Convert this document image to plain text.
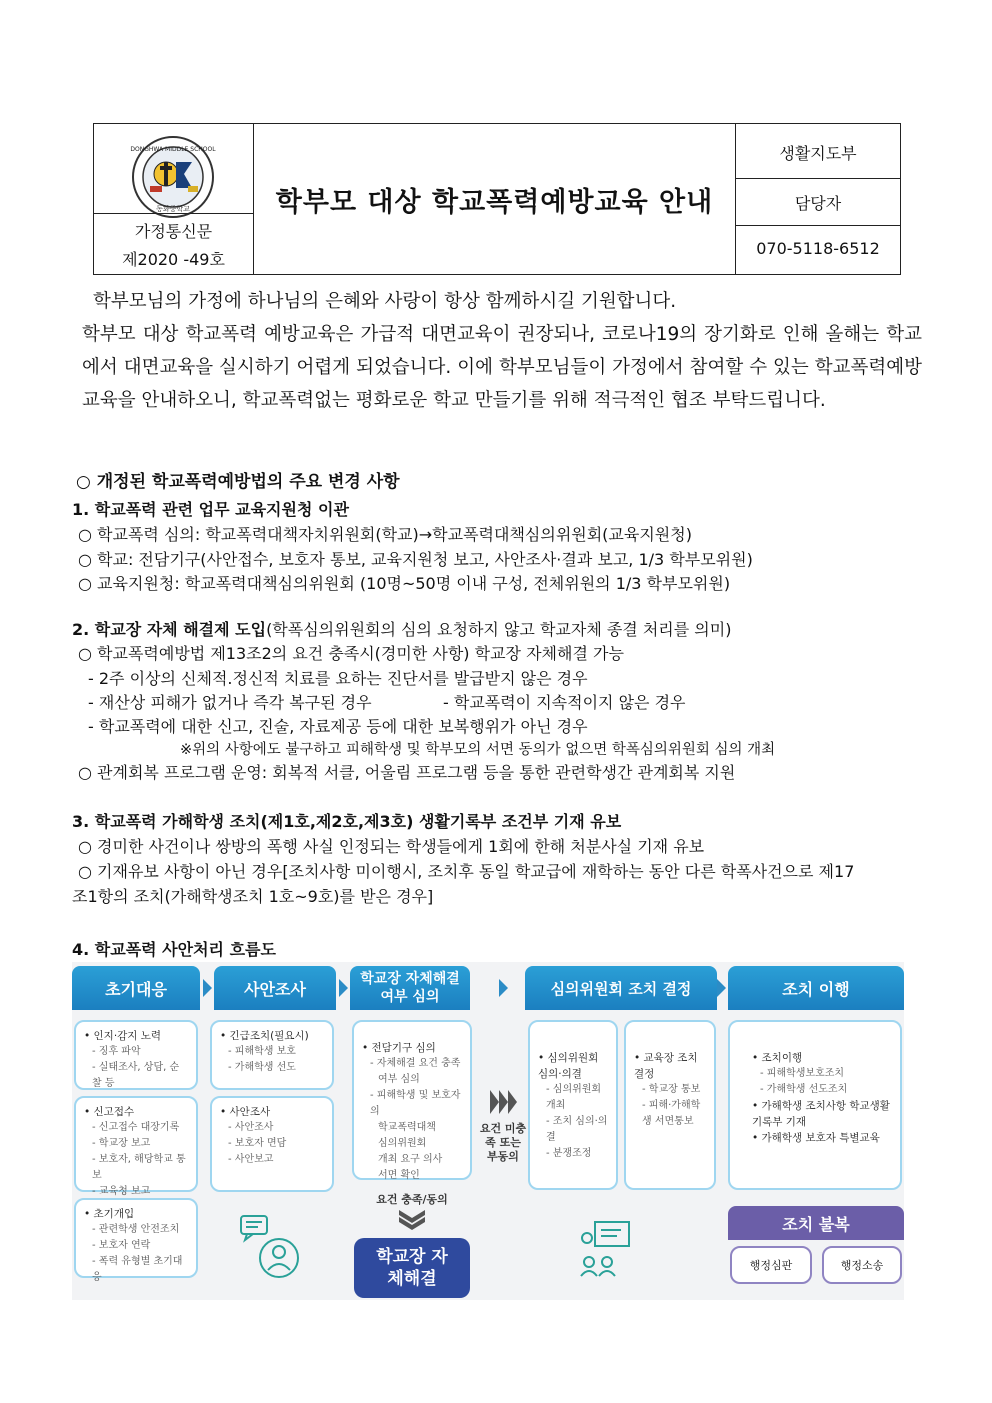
DONGHWA MIDDLE SCHOOL
동화중학교
가정통신문
제2020 -49호
학부모 대상 학교폭력예방교육 안내
생활지도부
담당자
070-5118-6512
학부모님의 가정에 하나님의 은혜와 사랑이 항상 함께하시길 기원합니다.
학부모 대상 학교폭력 예방교육은 가급적 대면교육이 권장되나, 코로나19의 장기화로 인해 올해는 학교에서 대면교육을 실시하기 어렵게 되었습니다. 이에 학부모님들이 가정에서 참여할 수 있는 학교폭력예방교육을 안내하오니, 학교폭력없는 평화로운 학교 만들기를 위해 적극적인 협조 부탁드립니다.
○ 개정된 학교폭력예방법의 주요 변경 사항
1. 학교폭력 관련 업무 교육지원청 이관
○ 학교폭력 심의: 학교폭력대책자치위원회(학교)→학교폭력대책심의위원회(교육지원청)
○ 학교: 전담기구(사안접수, 보호자 통보, 교육지원청 보고, 사안조사·결과 보고, 1/3 학부모위원)
○ 교육지원청: 학교폭력대책심의위원회 (10명~50명 이내 구성, 전체위원의 1/3 학부모위원)
2. 학교장 자체 해결제 도입(학폭심의위원회의 심의 요청하지 않고 학교자체 종결 처리를 의미)
○ 학교폭력예방법 제13조2의 요건 충족시(경미한 사항) 학교장 자체해결 가능
- 2주 이상의 신체적.정신적 치료를 요하는 진단서를 발급받지 않은 경우
- 재산상 피해가 없거나 즉각 복구된 경우	- 학교폭력이 지속적이지 않은 경우
- 학교폭력에 대한 신고, 진술, 자료제공 등에 대한 보복행위가 아닌 경우
※위의 사항에도 불구하고 피해학생 및 학부모의 서면 동의가 없으면 학폭심의위원회 심의 개최
○ 관계회복 프로그램 운영: 회복적 서클, 어울림 프로그램 등을 통한 관련학생간 관계회복 지원
3. 학교폭력 가해학생 조치(제1호,제2호,제3호) 생활기록부 조건부 기재 유보
○ 경미한 사건이나 쌍방의 폭행 사실 인정되는 학생들에게 1회에 한해 처분사실 기재 유보
○ 기재유보 사항이 아닌 경우[조치사항 미이행시, 조치후 동일 학교급에 재학하는 동안 다른 학폭사건으로 제17
조1항의 조치(가해학생조치 1호~9호)를 받은 경우]
4. 학교폭력 사안처리 흐름도
초기대응	사안조사
학교장 자체해결 여부 심의	심의위원회 조치 결정	조치 이행
• 인지·감지 노력
- 징후 파악
- 실태조사, 상담, 순찰 등
• 신고접수
- 신고접수 대장기록
- 학교장 보고
- 보호자, 해당학교 통보
- 교육청 보고
• 초기개입
- 관련학생 안전조치
- 보호자 연락
- 폭력 유형별 초기대응
• 긴급조치(필요시)
- 피해학생 보호
- 가해학생 선도
• 사안조사
- 사안조사
- 보호자 면담
- 사안보고
• 전담기구 심의
- 자체해결 요건 충족
여부 심의
- 피해학생 및 보호자의
학교폭력대책
심의위원회
개최 요구 의사
서면 확인
요건 충족/동의
학교장 자체해결
요건 미충족 또는 부동의
• 심의위원회 심의·의결
- 심의위원회 개최
- 조치 심의·의결
- 분쟁조정
• 교육장 조치결정
- 학교장 통보
- 피해·가해학생 서면통보
• 조치이행
- 피해학생보호조치
- 가해학생 선도조치
• 가해학생 조치사항 학교생활기록부 기재
• 가해학생 보호자 특별교육
조치 불복
행정심판	행정소송
